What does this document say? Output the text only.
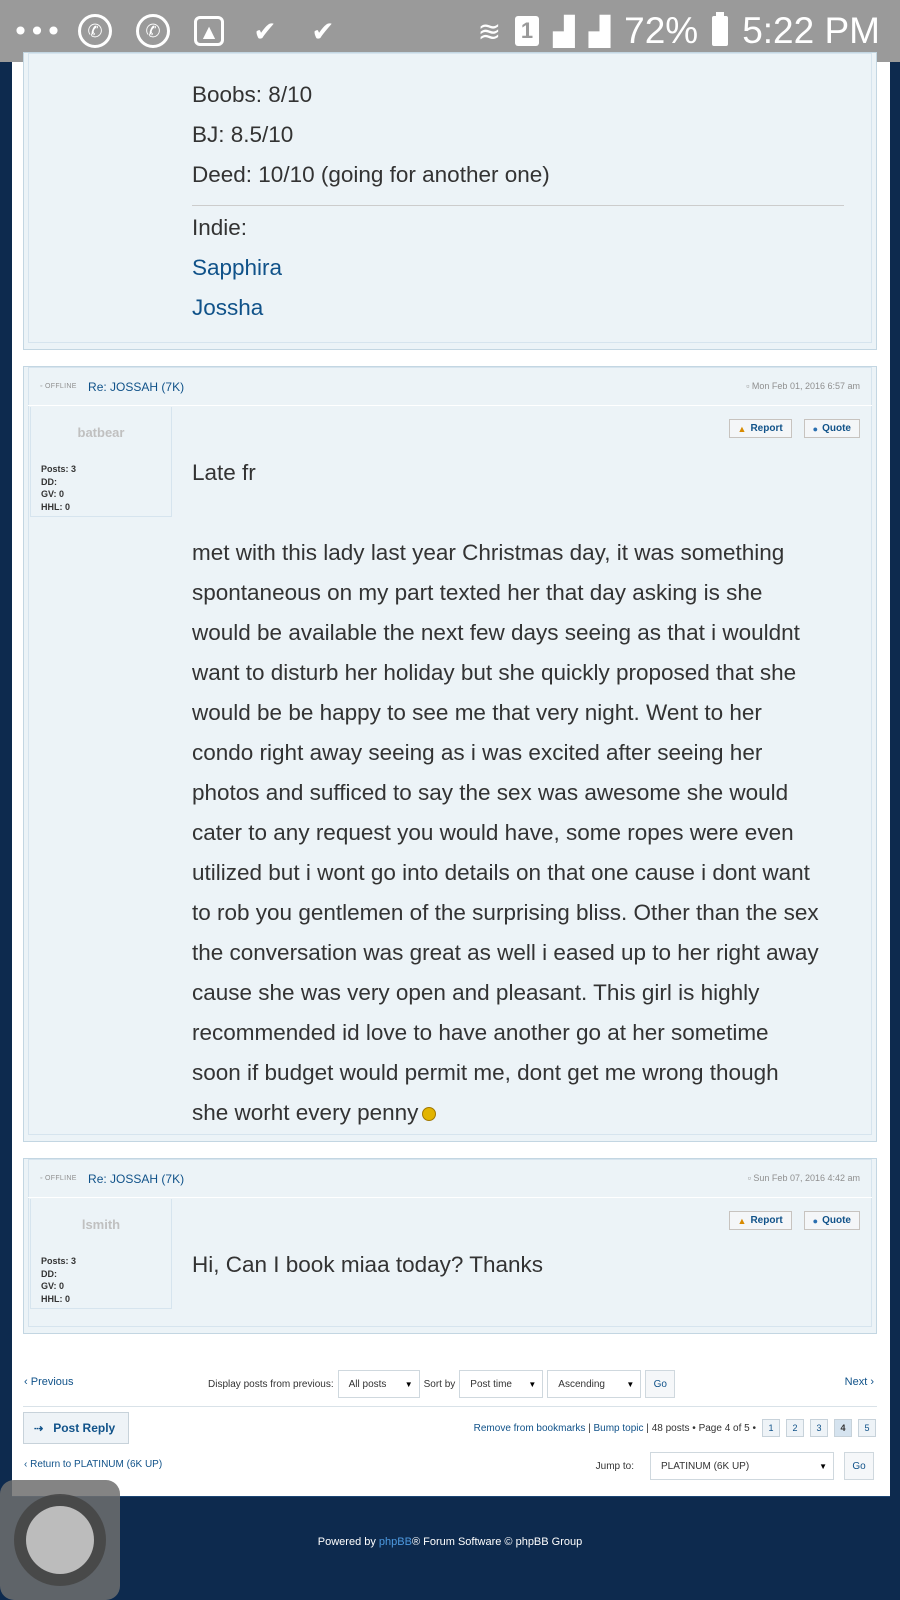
•••	✆	✆	▲	✔ ✔	≋ 1 ▟ ▟ 72% 5:22 PM
Boobs: 8/10
BJ: 8.5/10
Deed: 10/10 (going for another one)
Indie:
Sapphira
Jossha
◦ OFFLINE Re: JOSSAH (7K)	▫ Mon Feb 01, 2016 6:57 am
batbear
Posts: 3
DD:
GV: 0
HHL: 0
▲ Report	● Quote
Late fr
met with this lady last year Christmas day, it was something
spontaneous on my part texted her that day asking is she
would be available the next few days seeing as that i wouldnt
want to disturb her holiday but she quickly proposed that she
would be be happy to see me that very night. Went to her
condo right away seeing as i was excited after seeing her
photos and sufficed to say the sex was awesome she would
cater to any request you would have, some ropes were even
utilized but i wont go into details on that one cause i dont want
to rob you gentlemen of the surprising bliss. Other than the sex
the conversation was great as well i eased up to her right away
cause she was very open and pleasant. This girl is highly
recommended id love to have another go at her sometime
soon if budget would permit me, dont get me wrong though
she worht every penny
◦ OFFLINE Re: JOSSAH (7K)	▫ Sun Feb 07, 2016 4:42 am
lsmith
Posts: 3
DD:
GV: 0
HHL: 0
▲ Report	● Quote
Hi, Can I book miaa today? Thanks
‹ Previous	Next ›
Display posts from previous: All posts ▼ Sort by Post time ▼ Ascending	▼	Go
⇢ Post Reply	Remove from bookmarks | Bump topic | 48 posts • Page 4 of 5 •	1	2	3	4	5
‹ Return to PLATINUM (6K UP)	Jump to:	PLATINUM (6K UP)	▼	Go
Powered by phpBB® Forum Software © phpBB Group
